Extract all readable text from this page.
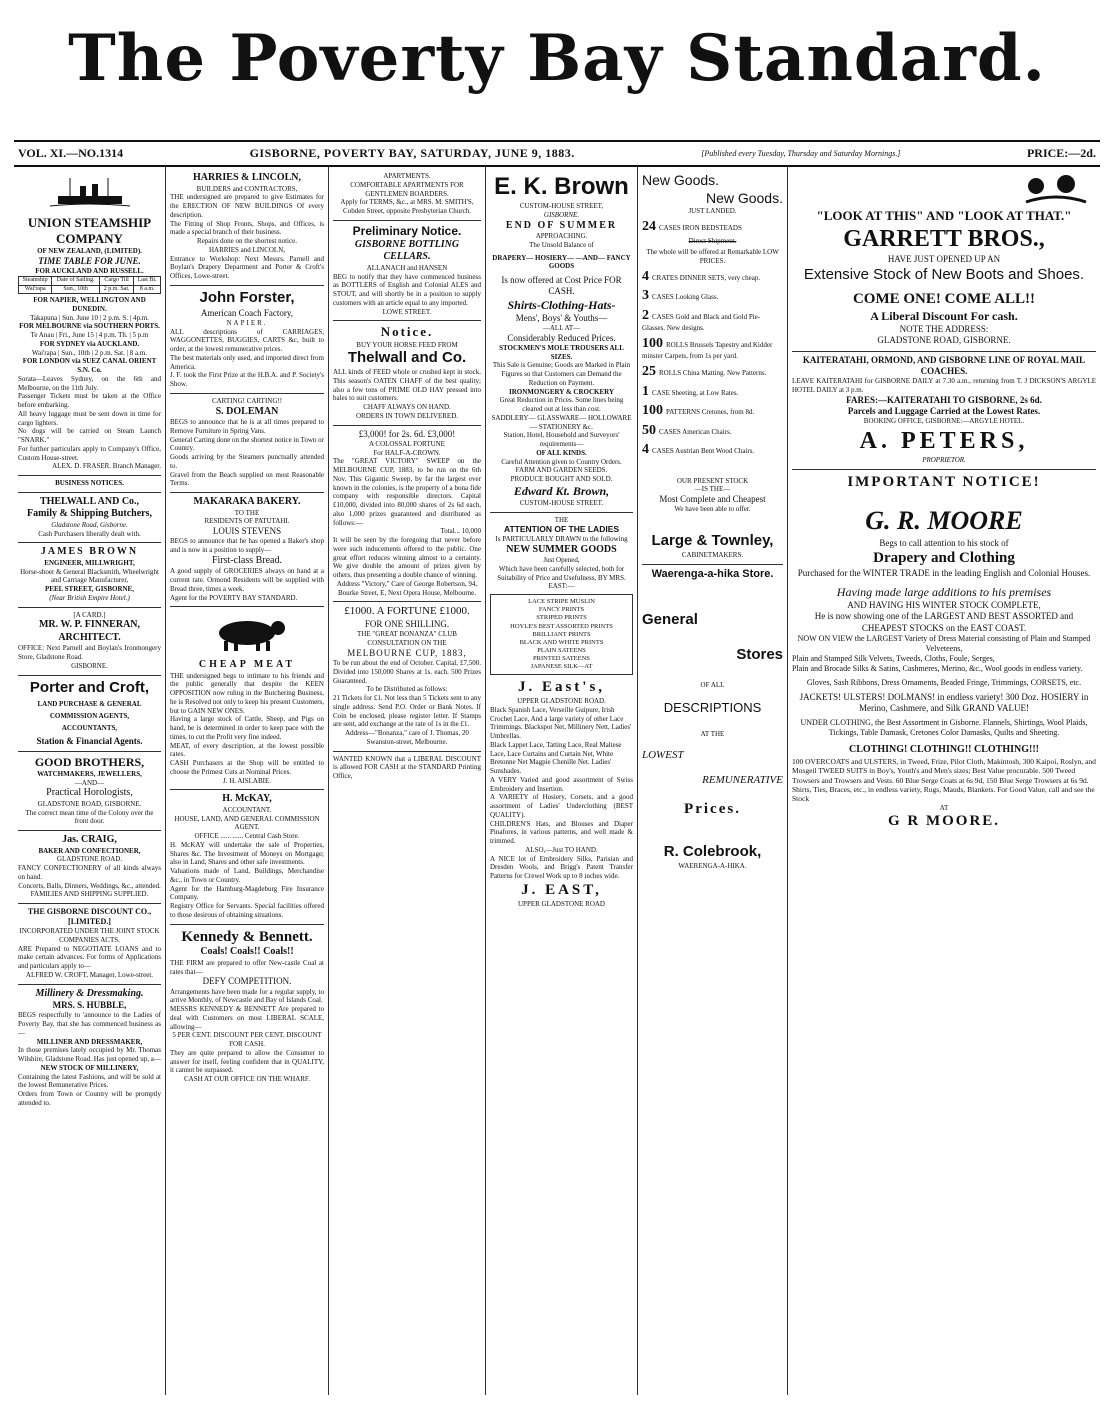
The Poverty Bay Standard.
VOL. XI.—NO.1314	GISBORNE, POVERTY BAY, SATURDAY, JUNE 9, 1883.	[Published every Tuesday, Thursday and Saturday Mornings.]	PRICE:—2d.
UNION STEAMSHIP COMPANY
OF NEW ZEALAND, (LIMITED).
TIME TABLE FOR JUNE.
FOR AUCKLAND AND RUSSELL.
Steamship	Date of Sailing.	Cargo Till	Last Bt.
Wai'rapa	Sun., 10th	2 p.m. Sat.	8 a.m.
FOR NAPIER, WELLINGTON AND DUNEDIN.
Takapuna | Sun. June 10 | 2 p.m. S. | 4p.m.
FOR MELBOURNE via SOUTHERN PORTS.
Te Anau | Fri., June 15 | 4 p.m. Th. | 5 p.m
FOR SYDNEY via AUCKLAND.
Wai'rapa | Sun., 10th | 2 p.m. Sat. | 8 a.m.
FOR LONDON via SUEZ CANAL ORIENT S.N. Co.
Sorata—Leaves Sydney, on the 6th and Melbourne, on the 11th July.
Passenger Tickets must be taken at the Office before embarking.
All heavy luggage must be sent down in time for cargo lighters.
No dogs will be carried on Steam Launch "SNARK."
For further particulars apply to Company's Office, Custom House-street.
ALEX. D. FRASER. Branch Manager.
BUSINESS NOTICES.
THELWALL AND Co.,
Family & Shipping Butchers,
Gladstone Road, Gisborne.
Cash Purchasers liberally dealt with.
JAMES BROWN
ENGINEER, MILLWRIGHT,
Horse-shoer & General Blacksmith, Wheelwright and Carriage Manufacturer,
PEEL STREET, GISBORNE,
(Near British Empire Hotel.)
[A CARD.]
MR. W. P. FINNERAN, ARCHITECT.
OFFICE: Next Parnell and Boylan's Ironmongery Store, Gladstone Road.
GISBORNE.
Porter and Croft,
LAND PURCHASE & GENERAL
COMMISSION AGENTS,
ACCOUNTANTS,
Station & Financial Agents.
GOOD BROTHERS,
WATCHMAKERS, JEWELLERS,
—AND—
Practical Horologists,
GLADSTONE ROAD, GISBORNE.
The correct mean time of the Colony over the front door.
Jas. CRAIG,
BAKER AND CONFECTIONER,
GLADSTONE ROAD.
FANCY CONFECTIONERY of all kinds always on hand.
Concerts, Balls, Dinners, Weddings, &c., attended.
FAMILIES AND SHIPPING SUPPLIED.
THE GISBORNE DISCOUNT CO., [LIMITED.]
INCORPORATED UNDER THE JOINT STOCK COMPANIES ACTS.
ARE Prepared to NEGOTIATE LOANS and to make certain advances. For forms of Applications and particulars apply to—
ALFRED W. CROFT, Manager, Lowe-street.
Millinery & Dressmaking.
MRS. S. HUBBLE,
BEGS respectfully to 'announce to the Ladies of Poverty Bay, that she has commenced business as—
MILLINER AND DRESSMAKER,
In those premises lately occupied by Mr. Thomas Wilshire, Gladstone Road. Has just opened up, a—
NEW STOCK OF MILLINERY,
Containing the latest Fashions, and will be sold at the lowest Remunerative Prices.
Orders from Town or Country will be promptly attended to.
HARRIES & LINCOLN,
BUILDERS and CONTRACTORS,
THE undersigned are prepared to give Estimates for the ERECTION OF NEW BUILDINGS Of every description.
The Fitting of Shop Fronts, Shops, and Offices, is made a special branch of their business.
Repairs done on the shortest notice.
HARRIES and LINCOLN,
Entrance to Workshop: Next Messrs. Parnell and Boylan's Drapery Department and Porter & Croft's Offices, Lowe-street.
John Forster,
American Coach Factory,
NAPIER.
ALL descriptions of CARRIAGES, WAGGONETTES, BUGGIES, CARTS &c, built to order, at the lowest remunerative prices.
The best materials only used, and imported direct from America.
J. F. took the First Prize at the H.B.A. and P. Society's Show.
CARTING! CARTING!!
S. DOLEMAN
BEGS to announce that he is at all times prepared to Remove Furniture in Spring Vans.
General Carting done on the shortest notice in Town or Country.
Goods arriving by the Steamers punctually attended to.
Gravel from the Beach supplied on most Reasonable Terms.
MAKARAKA BAKERY.
TO THE
RESIDENTS OF PATUTAHI.
LOUIS STEVENS
BEGS to announce that he has opened a Baker's shop and is now in a position to supply—
First-class Bread.
A good supply of GROCERIES always on hand at a current rate. Ormond Residents will be supplied with Bread three, times a week.
Agent for the POVERTY BAY STANDARD.
CHEAP MEAT
THE undersigned begs to intimate to his friends and the public generally that despite the KEEN OPPOSITION now ruling in the Butchering Business, he is Resolved not only to keep his present Customers, but to GAIN NEW ONES.
Having a large stock of Cattle, Sheep, and Pigs on hand, he is determined in order to keep pace with the times, to cut the Profit very fine indeed.
MEAT, of every description, at the lowest possible rates.
CASH Purchasers at the Shop will be entitled to choose the Primest Cuts at Nominal Prices.
J. H. AISLABIE.
H. McKAY,
ACCOUNTANT.
HOUSE, LAND, AND GENERAL COMMISSION AGENT.
OFFICE ...... ...... Central Cash Store.
H. McKAY will undertake the sale of Properties, Shares &c. The Investment of Moneys on Mortgage; also in Land, Shares and other safe investments.
Valuations made of Land, Buildings, Merchandise &c., in Town or Country.
Agent for the Hamburg-Magdeburg Fire Insurance Company.
Registry Office for Servants. Special facilities offered to those desirous of obtaining situations.
Kennedy & Bennett.
Coals! Coals!! Coals!!
THE FIRM are prepared to offer New-castle Coal at rates that—
DEFY COMPETITION.
Arrangements have been made for a regular supply, to arrive Monthly, of Newcastle and Bay of Islands Coal.
MESSRS KENNEDY & BENNETT Are prepared to deal with Customers on most LIBERAL SCALE, allowing—
5 PER CENT. DISCOUNT PER CENT. DISCOUNT FOR CASH.
They are quite prepared to allow the Consumer to answer for itself, feeling confident that in QUALITY, it cannot be surpassed.
CASH AT OUR OFFICE ON THE WHARF.
APARTMENTS.
COMFORTABLE APARTMENTS FOR GENTLEMEN BOARDERS.
Apply for TERMS, &c., at MRS. M. SMITH'S,
Cobden Street, opposite Presbyterian Church.
Preliminary Notice.
GISBORNE BOTTLING CELLARS.
ALLANACH and HANSEN
BEG to notify that they have commenced business as BOTTLERS of English and Colonial ALES and STOUT, and will shortly be in a position to supply customers with an article equal to any imported.
LOWE STREET.
Notice.
BUY YOUR HORSE FEED FROM
Thelwall and Co.
ALL kinds of FEED whole or crushed kept in stock. This season's OATEN CHAFF of the best quality; also a few tons of PRIME OLD HAY pressed into bales to suit customers.
CHAFF ALWAYS ON HAND.
ORDERS IN TOWN DELIVERED.
£3,000! for 2s. 6d. £3,000!
A COLOSSAL FORTUNE
For HALF-A-CROWN.
The "GREAT VICTORY" SWEEP on the MELBOURNE CUP, 1883, to be run on the 6th Nov. This Gigantic Sweep, by far the largest ever known in the colonies, is the property of a bona fide company with responsible directors. Capital £10,000, divided into 80,000 shares of 2s 6d each, also 1,000 prizes guaranteed and distributed as follows:—
Total... 10,000
It will be seen by the foregoing that never before were such inducements offered to the public. One great effort reduces winning almost to a certainty. We give double the amount of prizes given by others, thus presenting a double chance of winning.
Address "Victory," Care of George Robertson, 94, Bourke Street, E, Next Opera House, Melbourne.
£1000. A FORTUNE £1000.
FOR ONE SHILLING.
THE "GREAT BONANZA" CLUB CONSULTATION ON THE
MELBOURNE CUP, 1883,
To be run about the end of October. Capital, £7,500. Divided into 150,000 Shares at 1s. each. 500 Prizes Guaranteed.
To be Distributed as follows:
21 Tickets for £1. Not less than 5 Tickets sent to any single address. Send P.O. Order or Bank Notes. If Coin be enclosed, please register letter. If Stamps are sent, add exchange at the rate of 1s in the £1.
Address—"Bonanza," care of J. Thomas, 20 Swanston-street, Melbourne.
WANTED KNOWN that a LIBERAL DISCOUNT is allowed FOR CASH at the STANDARD Printing Office,
E. K. Brown
CUSTOM-HOUSE STREET,
GISBORNE.
END OF SUMMER
APPROACHING.
The Unsold Balance of
DRAPERY— HOSIERY— —AND— FANCY GOODS
Is now offered at Cost Price FOR CASH.
Shirts-Clothing-Hats-
Mens', Boys' & Youths—
—ALL AT—
Considerably Reduced Prices.
STOCKMEN'S MOLE TROUSERS ALL SIZES.
This Sale is Genuine; Goods are Marked in Plain Figures so that Customers can Demand the Reduction on Payment.
IRONMONGERY & CROCKERY
Great Reduction in Prices. Some lines being cleared out at less than cost.
SADDLERY— GLASSWARE— HOLLOWARE— STATIONERY &c.
Station, Hotel, Household and Surveyors' requirements—
OF ALL KINDS.
Careful Attention given to Country Orders.
FARM AND GARDEN SEEDS.
PRODUCE BOUGHT AND SOLD.
Edward Kt. Brown,
CUSTOM-HOUSE STREET.
THE
ATTENTION OF THE LADIES
Is PARTICULARLY DRAWN to the following
NEW SUMMER GOODS
Just Opened,
Which have been carefully selected, both for Suitability of Price and Usefulness, BY MRS. EAST:—
LACE STRIPE MUSLIN
FANCY PRINTS
STRIPED PRINTS
HOYLE'S BEST ASSORTED PRINTS
BRILLIANT PRINTS
BLACK AND WHITE PRINTS
PLAIN SATEENS
PRINTED SATEENS
JAPANESE SILK—AT
J. East's,
UPPER GLADSTONE ROAD.
Black Spanish Lace, Verseille Guipure, Irish Crochet Lace, And a large variety of other Lace Trimmings. Blackspot Net, Millinery Nett, Ladies' Umbrellas.
Black Lappet Lace, Tatting Lace, Real Maltese Lace, Lace Curtains and Curtain Net, White Bretonne Net Magpie Chenille Net. Ladies' Sunshades.
A VERY Varied and good assortment of Swiss Embroidery and Insertion.
A VARIETY of Hosiery, Corsets, and a good assortment of Ladies' Underclothing (BEST QUALITY).
CHILDREN'S Hats, and Blouses and Diaper Pinafores, in various patterns, and well made & trimmed.
ALSO,—Just TO HAND.
A NICE lot of Embroidery Silks, Parisian and Dresden Wools, and Brigg's Patent Transfer Patterns for Crewel Work up to 8 inches wide.
J. EAST,
UPPER GLADSTONE ROAD
New Goods.
New Goods.
JUST LANDED.
24 CASES IRON BEDSTEADS
Direct Shipment.
The whole will be offered at Remarkable LOW PRICES.
4 CRATES DINNER SETS, very cheap.
3 CASES Looking Glass.
2 CASES Gold and Black and Gold Pie-Glasses. New designs.
100 ROLLS Brussels Tapestry and Kidder minster Carpets, from 1s per yard.
25 ROLLS China Matting. New Patterns.
1 CASE Sheeting, at Low Rates.
100 PATTERNS Cretones, from 8d.
50 CASES American Chairs.
4 CASES Austrian Bent Wood Chairs.
OUR PRESENT STOCK
—IS THE—
Most Complete and Cheapest
We have been able to offer.
Large & Townley,
CABINETMAKERS.
Waerenga-a-hika Store.
General
Stores
OF ALL
DESCRIPTIONS
AT THE
LOWEST
REMUNERATIVE
Prices.
R. Colebrook,
WAERENGA-A-HIKA.
"LOOK AT THIS" AND "LOOK AT THAT."
GARRETT BROS.,
HAVE JUST OPENED UP AN
Extensive Stock of New Boots and Shoes.
COME ONE! COME ALL!!
A Liberal Discount For cash.
NOTE THE ADDRESS:
GLADSTONE ROAD, GISBORNE.
KAITERATAHI, ORMOND, AND GISBORNE LINE OF ROYAL MAIL COACHES.
LEAVE KAITERATAHI for GISBORNE DAILY at 7.30 a.m., returning from T. J DICKSON'S ARGYLE HOTEL DAILY at 3 p.m.
FARES:—KAITERATAHI TO GISBORNE, 2s 6d.
Parcels and Luggage Carried at the Lowest Rates.
BOOKING OFFICE, GISBORNE:—ARGYLE HOTEL.
A. PETERS,
PROPRIETOR.
IMPORTANT NOTICE!
G. R. MOORE
Begs to call attention to his stock of
Drapery and Clothing
Purchased for the WINTER TRADE in the leading English and Colonial Houses.
Having made large additions to his premises
AND HAVING HIS WINTER STOCK COMPLETE,
He is now showing one of the LARGEST AND BEST ASSORTED and CHEAPEST STOCKS on the EAST COAST.
NOW ON VIEW the LARGEST Variety of Dress Material consisting of Plain and Stamped Velveteens,
Plain and Stamped Silk Velvets, Tweeds, Cloths, Foule, Serges,
Plain and Brocade Silks & Satins, Cashmeres, Merino, &c., Wool goods in endless variety.
Gloves, Sash Ribbons, Dress Ornaments, Beaded Fringe, Trimmings, CORSETS, etc.
JACKETS! ULSTERS! DOLMANS! in endless variety! 300 Doz. HOSIERY in Merino, Cashmere, and Silk GRAND VALUE!
UNDER CLOTHING, the Best Assortment in Gisborne. Flannels, Shirtings, Wool Plaids, Tickings, Table Damask, Cretones Color Damasks, Quilts and Sheeting.
CLOTHING! CLOTHING!! CLOTHING!!!
100 OVERCOATS and ULSTERS, in Tweed, Frize, Pilot Cloth, Makintosh, 300 Kaipoi, Roslyn, and Mosgeil TWEED SUITS in Boy's, Youth's and Men's sizes; Best Value procurable. 500 Tweed Trowsers and Trowsers and Vests. 60 Blue Serge Coats at 6s 9d, 150 Blue Serge Trowsers at 6s 9d. Shirts, Ties, Braces, etc., in endless variety, Rugs, Mauds, Blankets. For Good Value, call and see the Stock
AT
G R MOORE.
